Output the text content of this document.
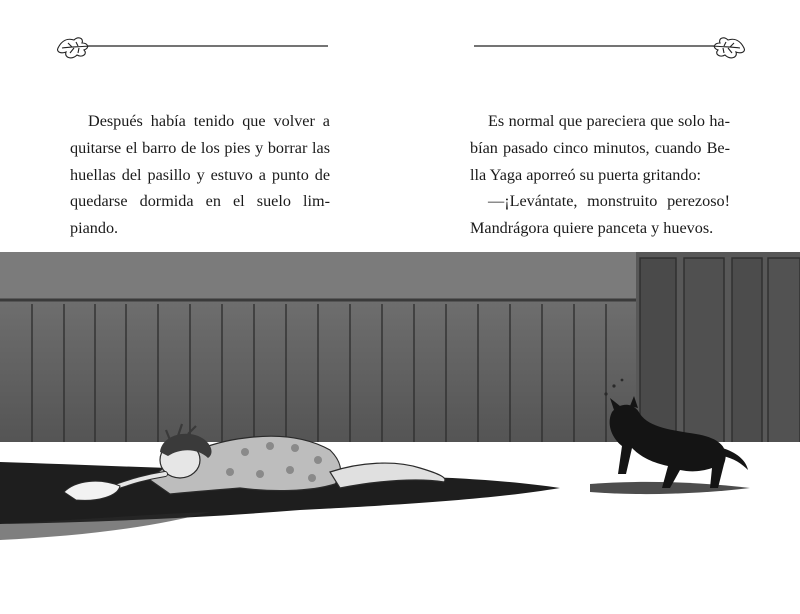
Después había tenido que volver a quitarse el barro de los pies y borrar las huellas del pasillo y estuvo a punto de quedarse dormida en el suelo limpiando.

Es normal que pareciera que solo habían pasado cinco minutos, cuando Bella Yaga aporreó su puerta gritando:

—¡Levántate, monstruito perezoso! Mandrágora quiere panceta y huevos.
